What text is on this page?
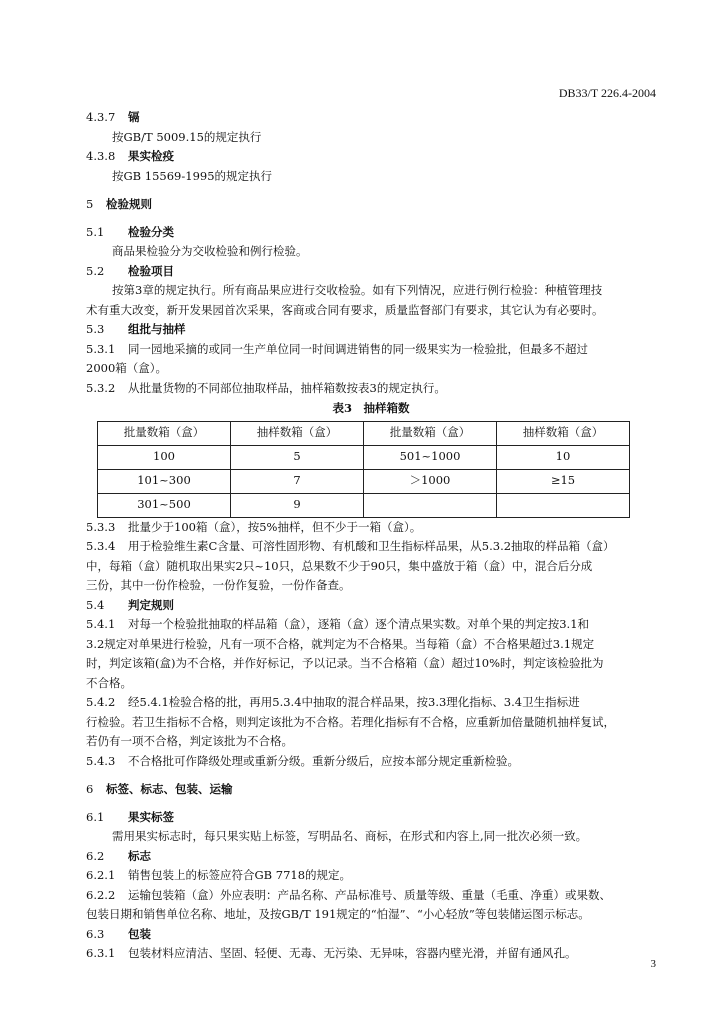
DB33/T 226.4-2004
4.3.7 镉
按GB/T 5009.15的规定执行
4.3.8 果实检疫
按GB 15569-1995的规定执行
5 检验规则
5.1 检验分类
商品果检验分为交收检验和例行检验。
5.2 检验项目
按第3章的规定执行。所有商品果应进行交收检验。如有下列情况，应进行例行检验：种植管理技
术有重大改变，新开发果园首次采果，客商或合同有要求，质量监督部门有要求，其它认为有必要时。
5.3 组批与抽样
5.3.1 同一园地采摘的或同一生产单位同一时间调进销售的同一级果实为一检验批，但最多不超过
2000箱（盒）。
5.3.2 从批量货物的不同部位抽取样品，抽样箱数按表3的规定执行。
表3　抽样箱数
批量数箱（盒）	抽样数箱（盒）	批量数箱（盒）	抽样数箱（盒）
100	5	501~1000	10
101~300	7	＞1000	≥15
301~500	9		
5.3.3 批量少于100箱（盒），按5%抽样，但不少于一箱（盒）。
5.3.4 用于检验维生素C含量、可溶性固形物、有机酸和卫生指标样品果，从5.3.2抽取的样品箱（盒）
中，每箱（盒）随机取出果实2只~10只，总果数不少于90只，集中盛放于箱（盒）中，混合后分成
三份，其中一份作检验，一份作复验，一份作备查。
5.4 判定规则
5.4.1 对每一个检验批抽取的样品箱（盒），逐箱（盒）逐个清点果实数。对单个果的判定按3.1和
3.2规定对单果进行检验，凡有一项不合格，就判定为不合格果。当每箱（盒）不合格果超过3.1规定
时，判定该箱(盒)为不合格，并作好标记，予以记录。当不合格箱（盒）超过10%时，判定该检验批为
不合格。
5.4.2 经5.4.1检验合格的批，再用5.3.4中抽取的混合样品果，按3.3理化指标、3.4卫生指标进
行检验。若卫生指标不合格，则判定该批为不合格。若理化指标有不合格，应重新加倍量随机抽样复试，
若仍有一项不合格，判定该批为不合格。
5.4.3 不合格批可作降级处理或重新分级。重新分级后，应按本部分规定重新检验。
6 标签、标志、包装、运输
6.1 果实标签
需用果实标志时，每只果实贴上标签，写明品名、商标，在形式和内容上,同一批次必须一致。
6.2 标志
6.2.1 销售包装上的标签应符合GB 7718的规定。
6.2.2 运输包装箱（盒）外应表明：产品名称、产品标准号、质量等级、重量（毛重、净重）或果数、
包装日期和销售单位名称、地址，及按GB/T 191规定的“怕湿”、“小心轻放”等包装储运图示标志。
6.3 包装
6.3.1 包装材料应清洁、坚固、轻便、无毒、无污染、无异味，容器内壁光滑，并留有通风孔。
3
